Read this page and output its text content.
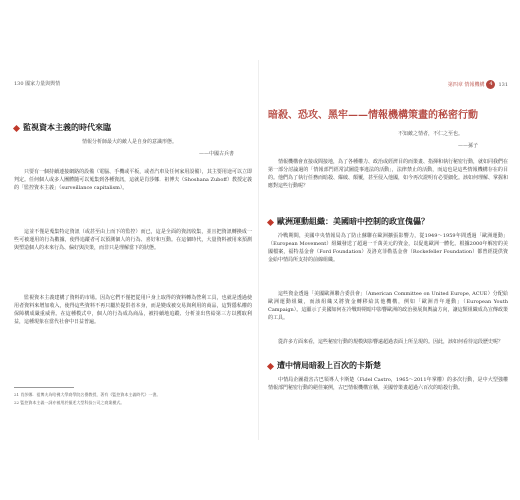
130 國家力量與輿情
監視資本主義的時代來臨
情報分析師最大的敵人是自身的意識形態。
——中國古兵書
只要有一個持續連接網路的設備（電腦、手機或平板，或者汽車及任何家用設備），其主要用途可以立即判定。任何個人或多人團體隨可以蒐集到各種資訊，這就是肖莎娜．祖博夫（Shoshana Zuboff）教授定義的「監控資本主義」（surveillance capitalism）。
這並不僅是蒐集特定資訊（或甚至由上而下的監控）而已，這是全面的資訊收集，並且把資訊轉換成一些可被運用的行為數據，使得追蹤者可以預測個人的行為、喜好和互動。在這個時代，大量資料被用來預測與塑造個人的未來行為、偏好與決策，而非只是理解當下的狀態。
監視資本主義建構了資料的市場。因為它們不僅把從用戶身上取得的資料轉為營利工具，也就是透過使用者資料來增加收入，使得這些資料不再只屬於提供者本身，而是變成被交易與利用的商品，這對隱私權的保障構成嚴重威脅。在這種模式中，個人的行為成為商品，被持續地追蹤、分析並出售給第三方以獲取利益，這種現象在當代社會中日益普遍。
21 肖莎娜．祖博夫為哈佛大學商學院名譽教授，著有《監控資本主義時代》一書。
22 監控資本主義一詞亦被用於描述大型科技公司之商業模式。
第四章 情報機構 4 131
暗殺、恐攻、黑牢——情報機構策畫的秘密行動
不知敵之情者，不仁之至也。
——孫子
情報機構會直接或間接地，為了各種權力、政治或經濟目的而策畫、指揮和執行秘密行動，就如同我們在第一部分討論過的「情報部門經常試圖從事違法的活動」，法律禁止的活動，而這也是這些情報機構存在的目的。他們為了執行任務而暗殺、爆破、顛覆，甚至侵入他國，如今再次證明有必要細化。該如何理解、掌握和應對這些行動呢？
歐洲運動組織：美國暗中控制的政宣傀儡？
冷戰期間，美國中央情報局為了防止蘇聯在歐洲擴張影響力，從1949～1959年間透過「歐洲運動」（European Movement）組織發送了超過一千萬美元的資金，以促進歐洲一體化。根據2000年解密的美國檔案，福特基金會（Ford Foundation）及洛克菲勒基金會（Rockefeller Foundation）都曾經提供資金給中情局所支持的前線組織。
這些資金透過「美國歐洲聯合委員會」（American Committee on United Europe, ACUE）分配給歐洲運動組織，而該組織又將資金轉移給其他機構，例如「歐洲青年運動」（European Youth Campaign）。這顯示了美國如何在冷戰時期暗中影響歐洲的政治發展與輿論方向，讓這類組織成為宣傳政策的工具。
從許多方面來看，這些秘密行動的規模與影響遠超過表面上所呈現的。因此，該如何看待這段歷史呢？
遭中情局暗殺上百次的卡斯楚
中情局企圖殺害古巴領導人卡斯楚（Fidel Castro，1965～2011年掌權）的多次行動，是中大型強權情報部門秘密行動的絕佳案例，古巴情報機構宣稱，美國曾策畫超過六百次的暗殺行動。
